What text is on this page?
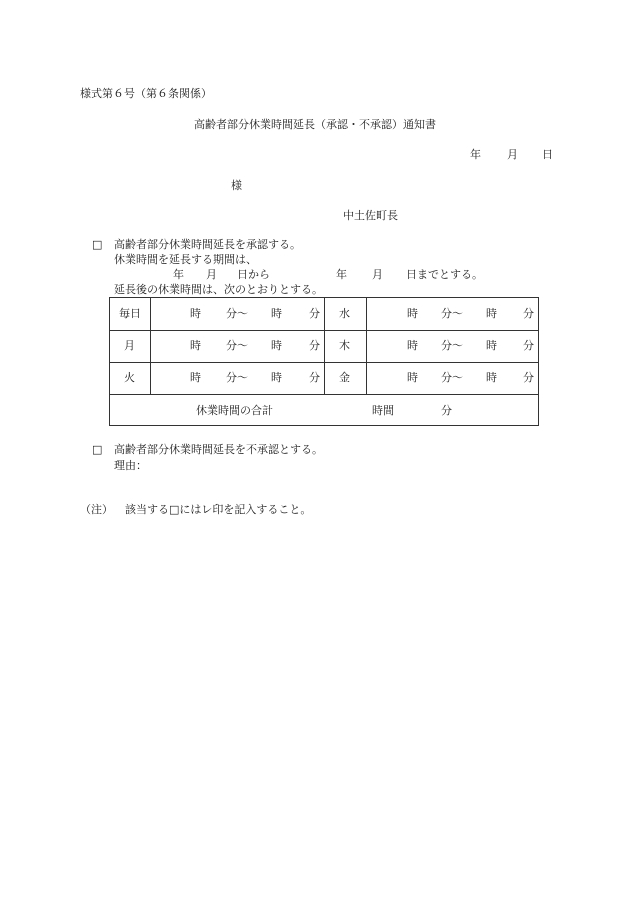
様式第６号（第６条関係）
高齢者部分休業時間延長（承認・不承認）通知書
年 月 日
様
中土佐町長
□ 高齢者部分休業時間延長を承認する。
休業時間を延長する期間は、
年 月 日から	年 月 日までとする。
延長後の休業時間は、次のとおりとする。
毎日	時 分～ 時 分 水	時 分～ 時 分
月	時 分～ 時 分 木	時 分～ 時 分
火	時 分～ 時 分 金	時 分～ 時 分
休業時間の合計	時間	分
□ 高齢者部分休業時間延長を不承認とする。
理由：
（注） 該当する□にはレ印を記入すること。
